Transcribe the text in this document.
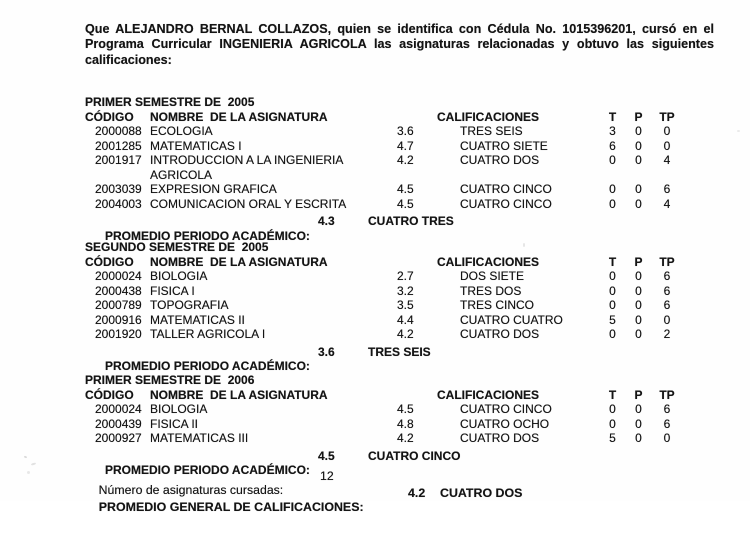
Que ALEJANDRO BERNAL COLLAZOS, quien se identifica con Cédula No. 1015396201, cursó en el Programa Curricular INGENIERIA AGRICOLA las asignaturas relacionadas y obtuvo las siguientes calificaciones:
PRIMER SEMESTRE DE  2005
CÓDIGO	NOMBRE  DE LA ASIGNATURA	CALIFICACIONES	T	P	TP
2000088 ECOLOGIA	3.6	TRES SEIS	3	0	0
2001285 MATEMATICAS I	4.7	CUATRO SIETE	6	0	0
2001917 INTRODUCCION A LA INGENIERIA AGRICOLA
4.2	CUATRO DOS	0	0	4
2003039 EXPRESION GRAFICA	4.5	CUATRO CINCO	0	0	6
2004003 COMUNICACION ORAL Y ESCRITA	4.5	CUATRO CINCO	0	0	4

PROMEDIO PERIODO ACADÉMICO:

4.3

	CUATRO TRES

SEGUNDO SEMESTRE DE  2005
CÓDIGO	NOMBRE  DE LA ASIGNATURA	CALIFICACIONES	T	P	TP
2000024 BIOLOGIA	2.7	DOS SIETE	0	0	6
2000438 FISICA I	3.2	TRES DOS	0	0	6
2000789 TOPOGRAFIA	3.5	TRES CINCO	0	0	6
2000916 MATEMATICAS II	4.4	CUATRO CUATRO	5	0	0
2001920 TALLER AGRICOLA I	4.2	CUATRO DOS	0	0	2

PROMEDIO PERIODO ACADÉMICO:

3.6

	TRES SEIS

PRIMER SEMESTRE DE  2006
CÓDIGO	NOMBRE  DE LA ASIGNATURA	CALIFICACIONES	T	P	TP
2000024 BIOLOGIA	4.5	CUATRO CINCO	0	0	6
2000439 FISICA II	4.8	CUATRO OCHO	0	0	6
2000927 MATEMATICAS III	4.2	CUATRO DOS	5	0	0

PROMEDIO PERIODO ACADÉMICO:

4.5

	CUATRO CINCO

Número de asignaturas cursadas:

12

PROMEDIO GENERAL DE CALIFICACIONES:

4.2

CUATRO DOS
